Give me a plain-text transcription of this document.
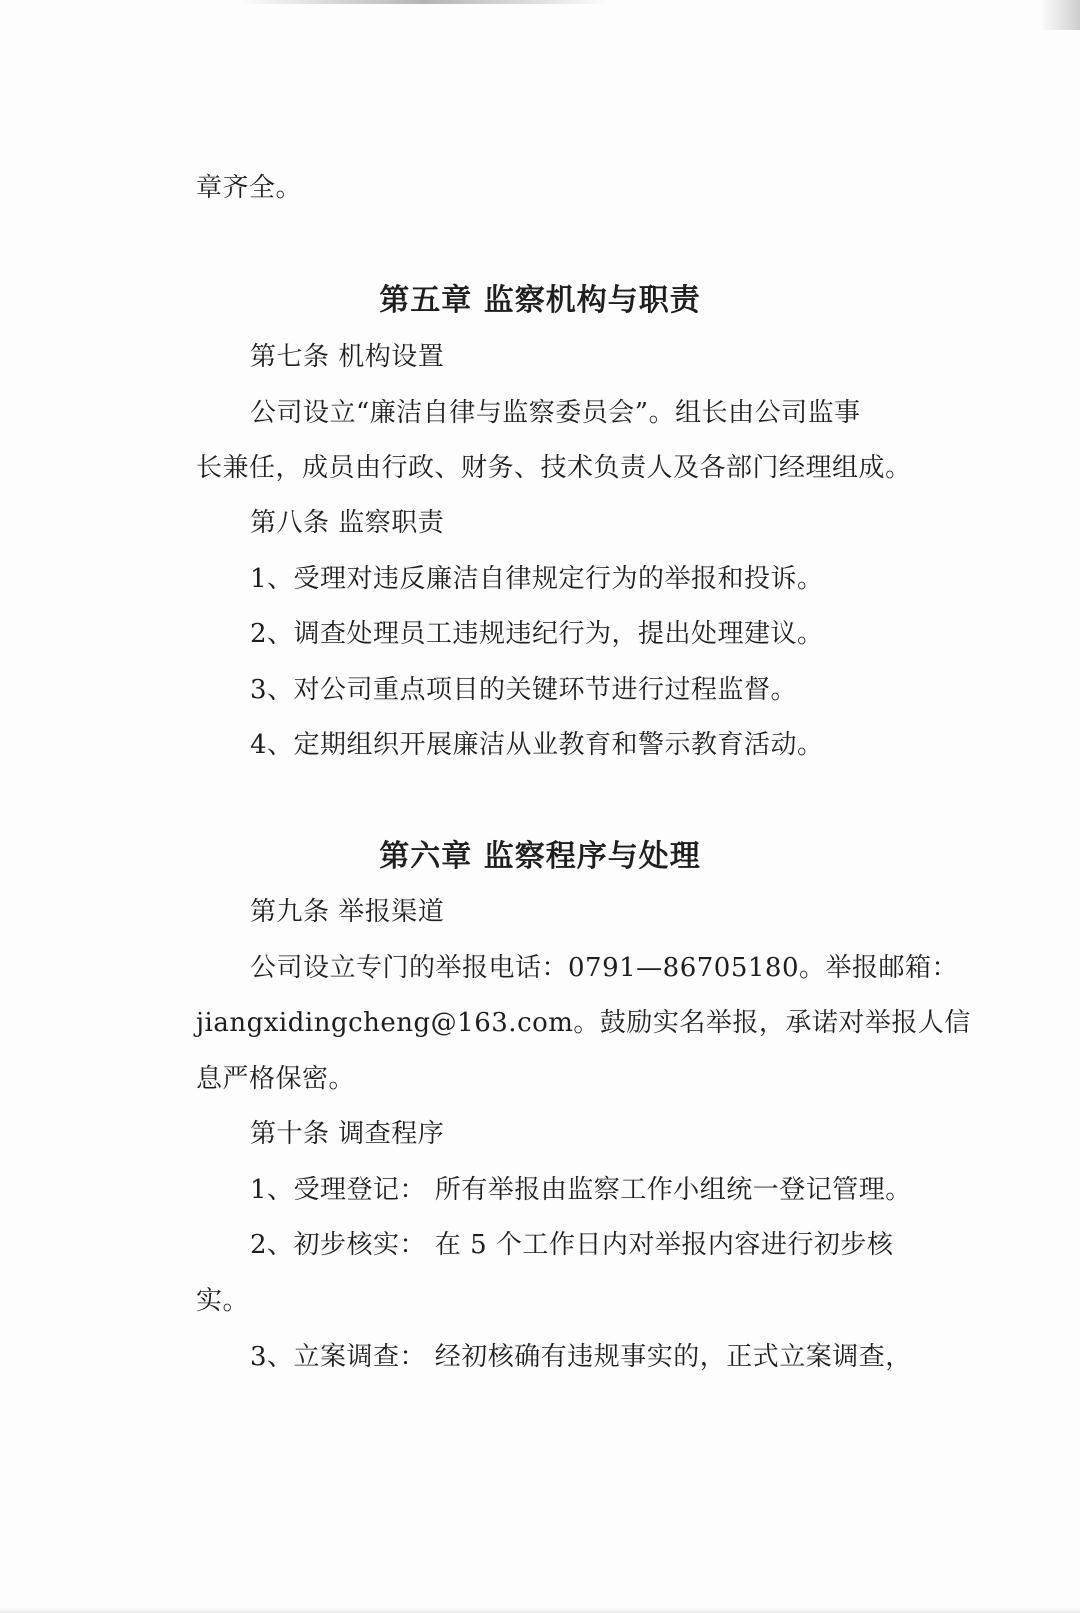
章齐全。
第五章 监察机构与职责
第七条 机构设置
公司设立“廉洁自律与监察委员会”。组长由公司监事
长兼任，成员由行政、财务、技术负责人及各部门经理组成。
第八条 监察职责
1、受理对违反廉洁自律规定行为的举报和投诉。
2、调查处理员工违规违纪行为，提出处理建议。
3、对公司重点项目的关键环节进行过程监督。
4、定期组织开展廉洁从业教育和警示教育活动。
第六章 监察程序与处理
第九条 举报渠道
公司设立专门的举报电话：0791—86705180。举报邮箱：
jiangxidingcheng@163.com。鼓励实名举报，承诺对举报人信
息严格保密。
第十条 调查程序
1、受理登记： 所有举报由监察工作小组统一登记管理。
2、初步核实： 在 5 个工作日内对举报内容进行初步核
实。
3、立案调查： 经初核确有违规事实的，正式立案调查，
